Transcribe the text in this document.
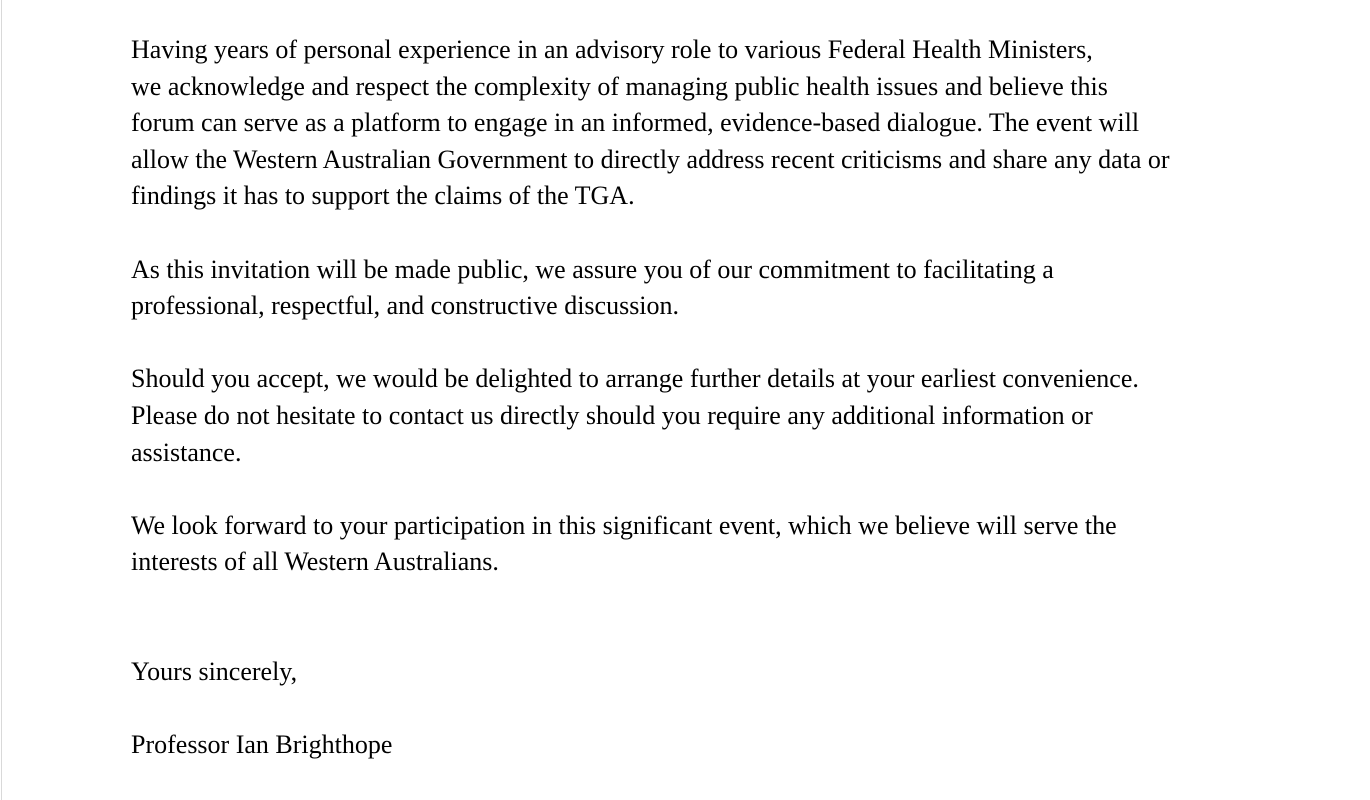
Having years of personal experience in an advisory role to various Federal Health Ministers,
we acknowledge and respect the complexity of managing public health issues and believe this
forum can serve as a platform to engage in an informed, evidence-based dialogue. The event will
allow the Western Australian Government to directly address recent criticisms and share any data or
findings it has to support the claims of the TGA.

As this invitation will be made public, we assure you of our commitment to facilitating a
professional, respectful, and constructive discussion.

Should you accept, we would be delighted to arrange further details at your earliest convenience.
Please do not hesitate to contact us directly should you require any additional information or
assistance.

We look forward to your participation in this significant event, which we believe will serve the
interests of all Western Australians.

Yours sincerely,

Professor Ian Brighthope
